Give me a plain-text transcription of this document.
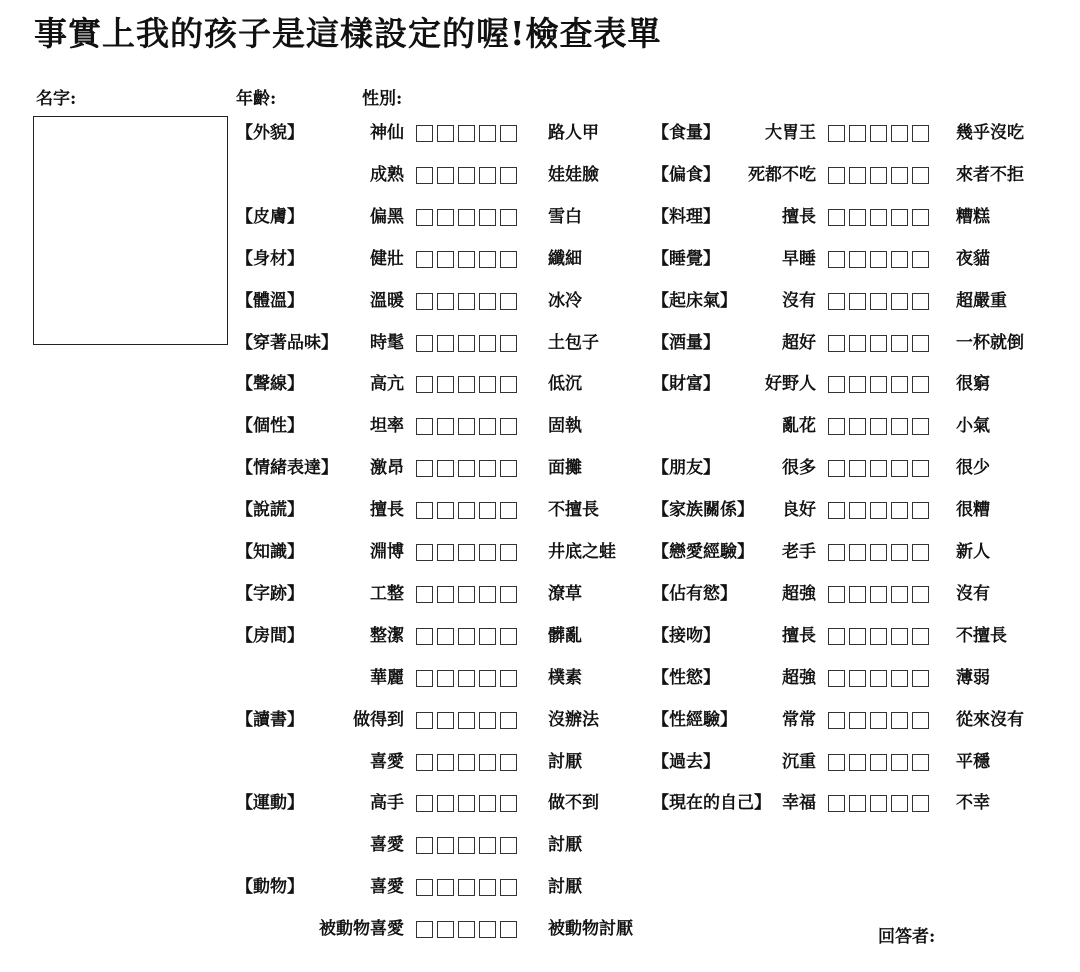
事實上我的孩子是這樣設定的喔!檢查表單
名字:	年齡:	性別:
回答者:
【外貌】	神仙	路人甲
成熟	娃娃臉
【皮膚】	偏黑	雪白
【身材】	健壯	纖細
【體溫】	溫暖	冰冷
【穿著品味】 時髦	土包子
【聲線】	高亢	低沉
【個性】	坦率	固執
【情緒表達】 激昂	面攤
【說謊】	擅長	不擅長
【知識】	淵博	井底之蛙
【字跡】	工整	潦草
【房間】	整潔	髒亂
華麗	樸素
【讀書】	做得到	沒辦法
喜愛	討厭
【運動】	高手	做不到
喜愛	討厭
【動物】	喜愛	討厭
被動物喜愛	被動物討厭
【食量】	大胃王	幾乎沒吃
【偏食】 死都不吃	來者不拒
【料理】	擅長	糟糕
【睡覺】	早睡	夜貓
【起床氣】	沒有	超嚴重
【酒量】	超好	一杯就倒
【財富】	好野人	很窮
亂花	小氣
【朋友】	很多	很少
【家族關係】 良好	很糟
【戀愛經驗】 老手	新人
【佔有慾】	超強	沒有
【接吻】	擅長	不擅長
【性慾】	超強	薄弱
【性經驗】	常常	從來沒有
【過去】	沉重	平穩
【現在的自己】 幸福	不幸
